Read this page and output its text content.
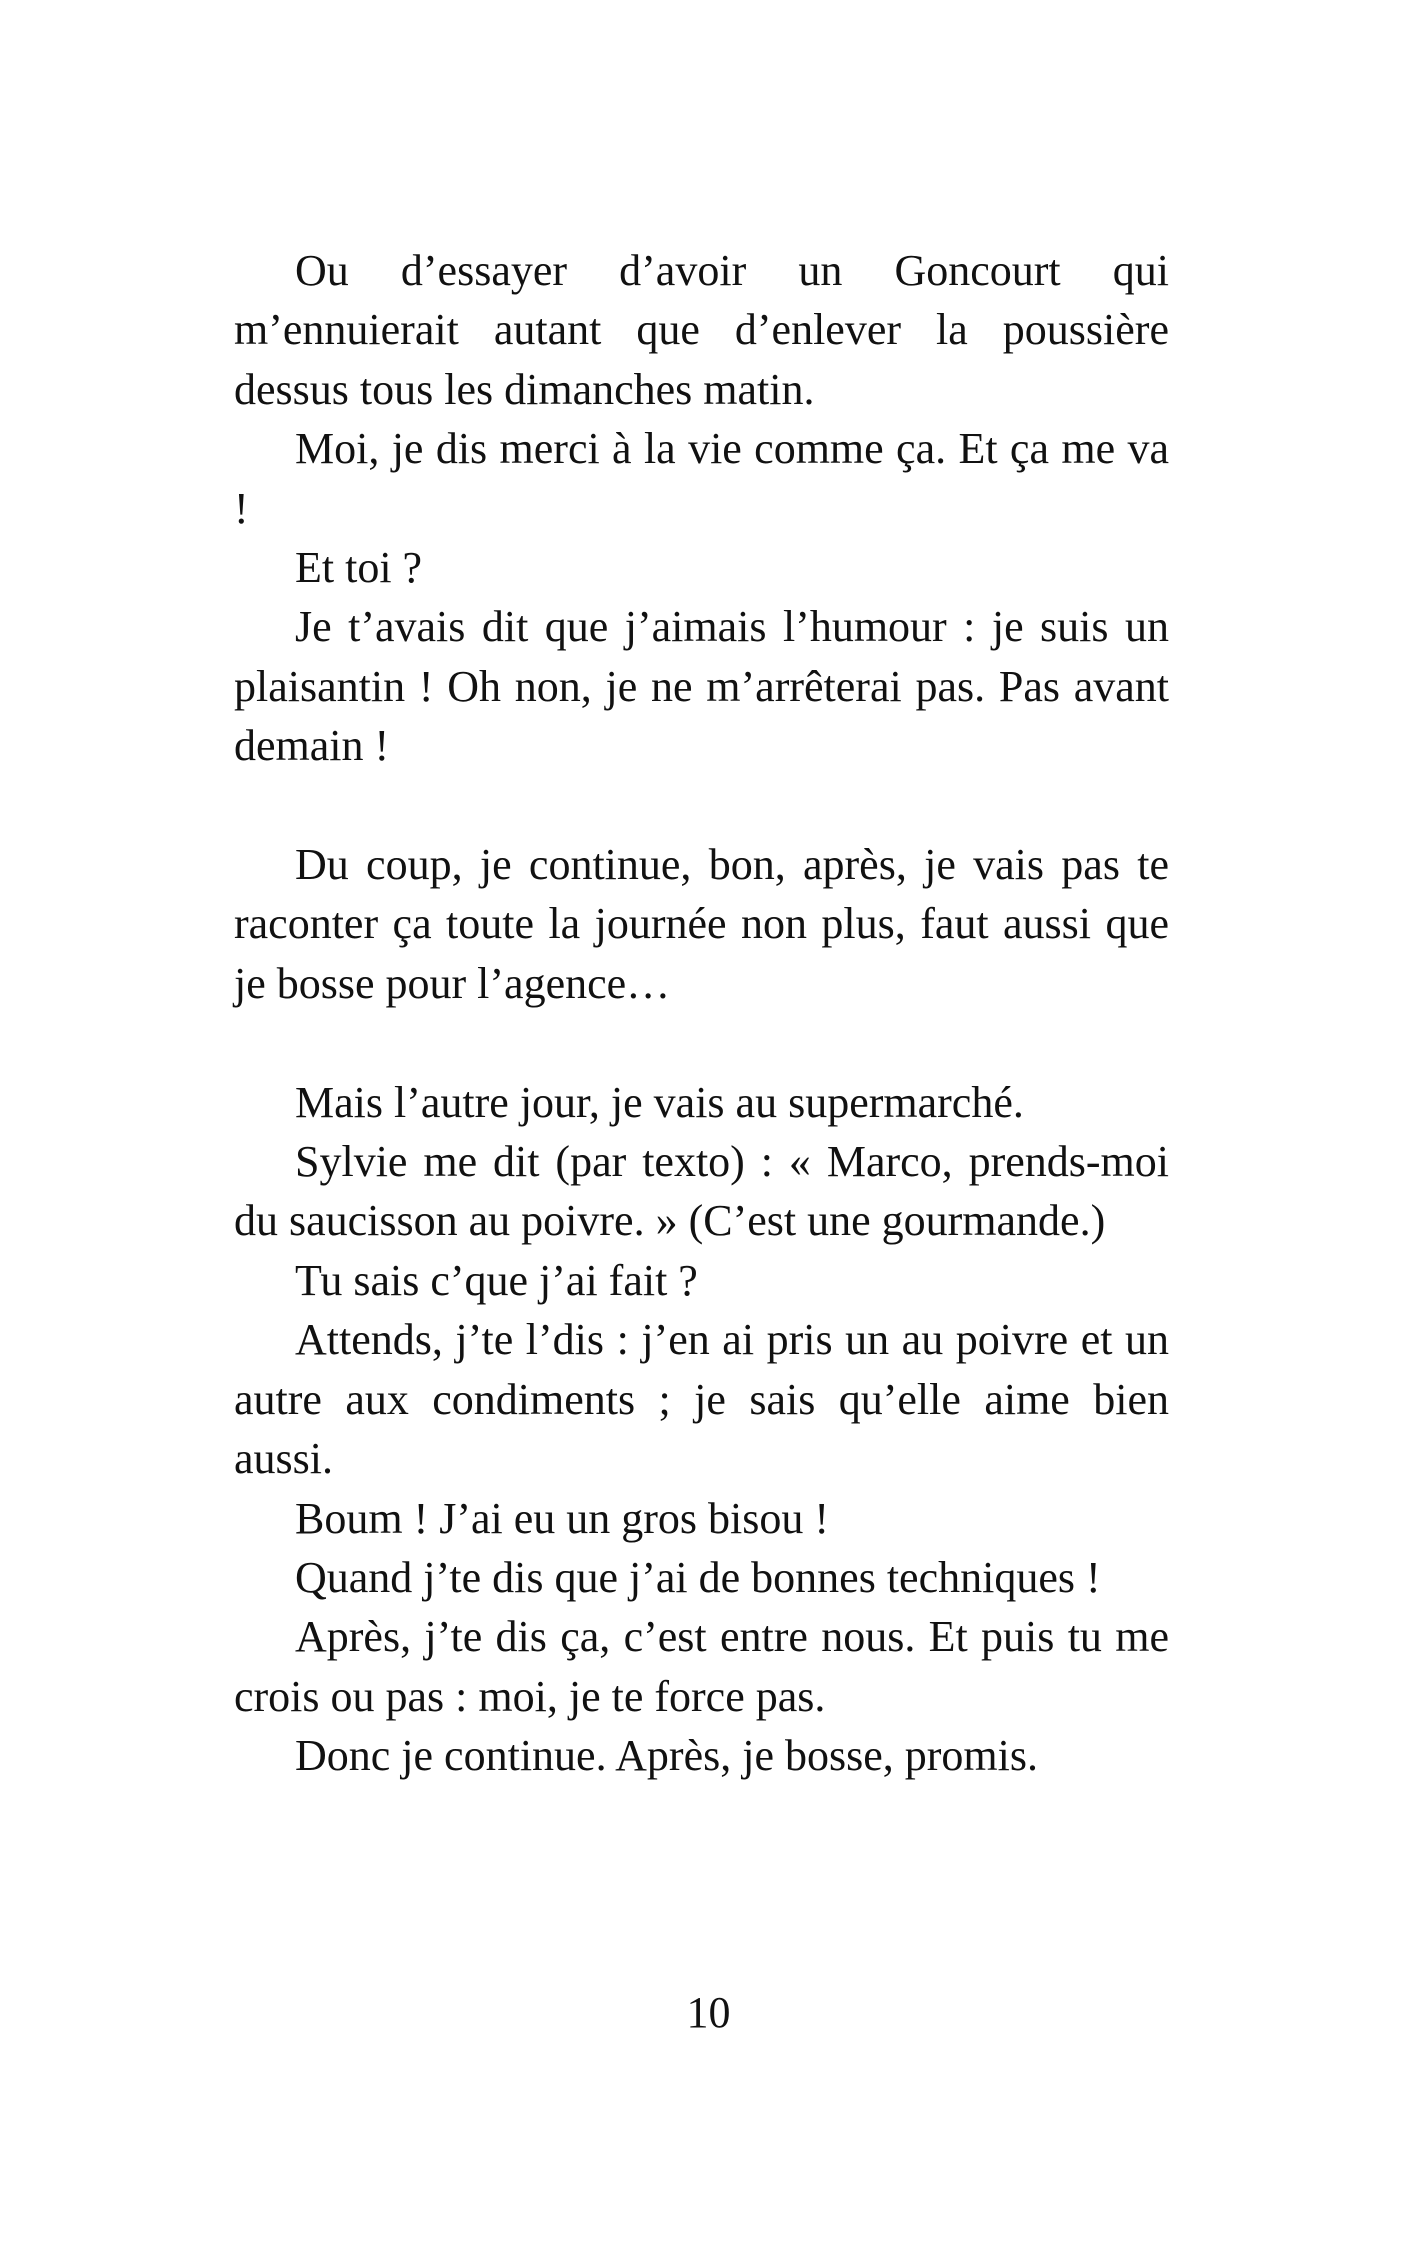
Ou d’essayer d’avoir un Goncourt qui m’ennuierait autant que d’enlever la poussière dessus tous les dimanches matin.

Moi, je dis merci à la vie comme ça. Et ça me va !

Et toi ?

Je t’avais dit que j’aimais l’humour : je suis un plaisantin ! Oh non, je ne m’arrêterai pas. Pas avant demain !

Du coup, je continue, bon, après, je vais pas te raconter ça toute la journée non plus, faut aussi que je bosse pour l’agence…

Mais l’autre jour, je vais au supermarché.

Sylvie me dit (par texto) : « Marco, prends-moi du saucisson au poivre. » (C’est une gourmande.)

Tu sais c’que j’ai fait ?

Attends, j’te l’dis : j’en ai pris un au poivre et un autre aux condiments ; je sais qu’elle aime bien aussi.

Boum ! J’ai eu un gros bisou !

Quand j’te dis que j’ai de bonnes techniques !

Après, j’te dis ça, c’est entre nous. Et puis tu me crois ou pas : moi, je te force pas.

Donc je continue. Après, je bosse, promis.

10
